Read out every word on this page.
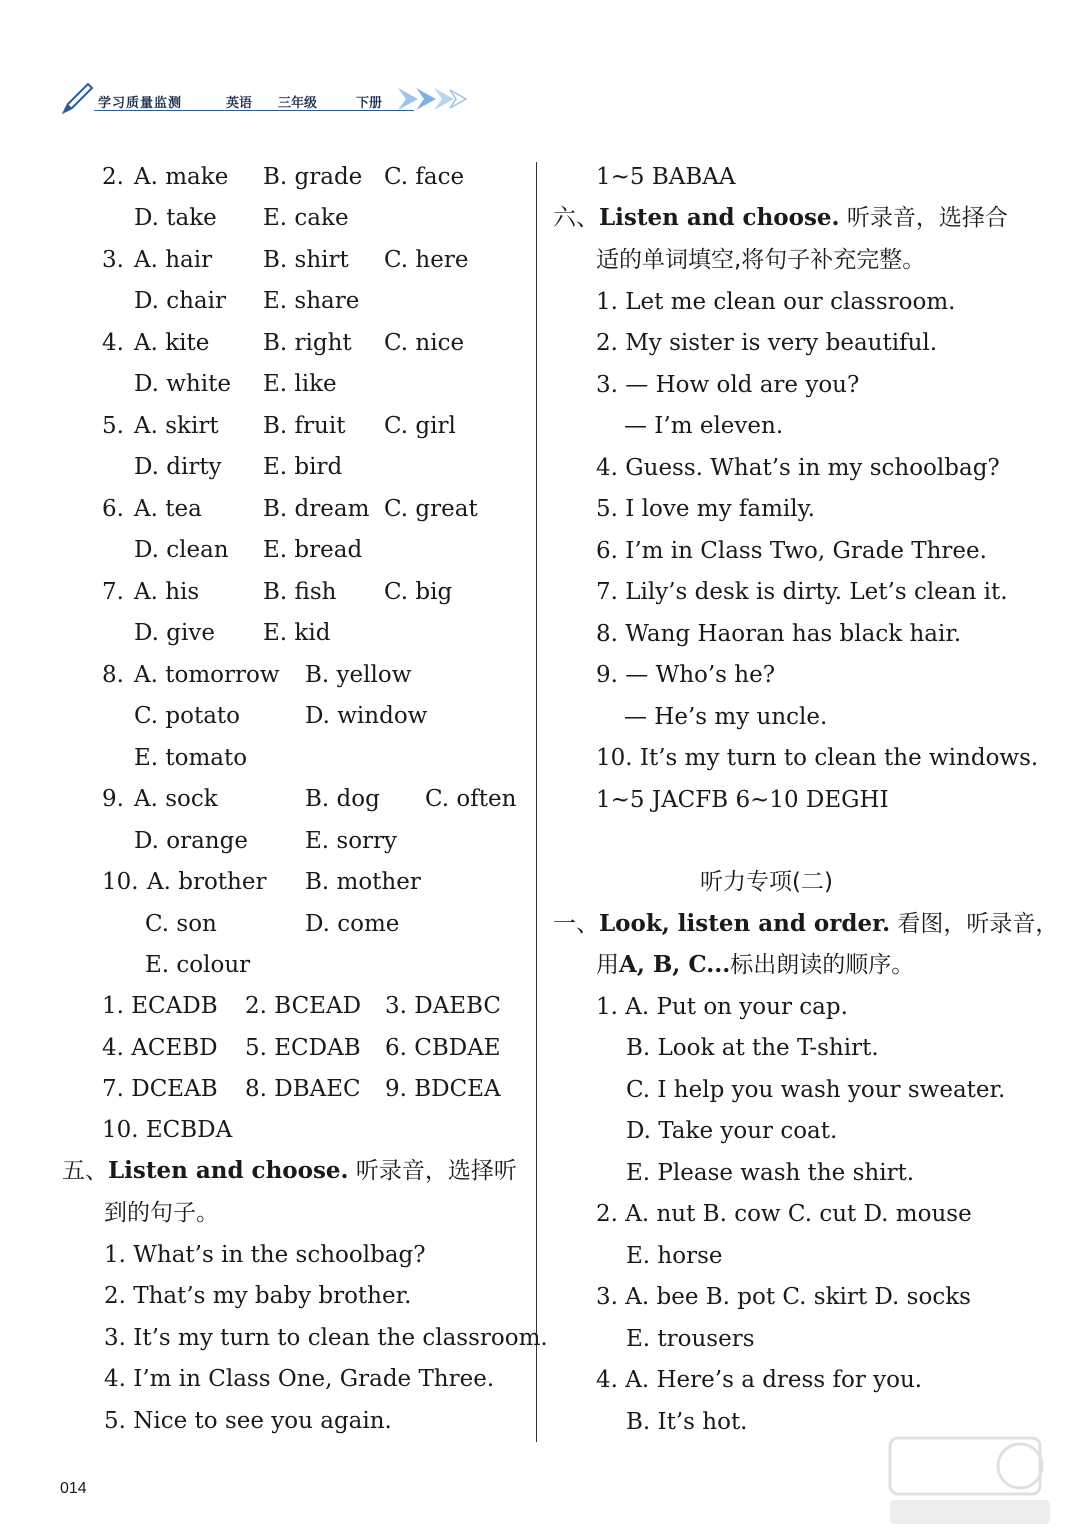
学习质量监测	英语 三年级	下册
2. A. make B. grade C. face
D. take E. cake
3. A. hair B. shirt C. here
D. chair E. share
4. A. kite B. right C. nice
D. white E. like
5. A. skirt B. fruit C. girl
D. dirty E. bird
6. A. tea	B. dream C. great
D. clean E. bread
7. A. his	B. fish C. big
D. give E. kid
8. A. tomorrow B. yellow
C. potato	D. window
E. tomato
9. A. sock	B. dog C. often
D. orange E. sorry
10. A. brother B. mother
C. son	D. come
E. colour
1. ECADB 2. BCEAD 3. DAEBC
4. ACEBD 5. ECDAB 6. CBDAE
7. DCEAB 8. DBAEC 9. BDCEA
10. ECBDA
五、Listen and choose. 听录音，选择听
到的句子。
1. What’s in the schoolbag?
2. That’s my baby brother.
3. It’s my turn to clean the classroom.
4. I’m in Class One, Grade Three.
5. Nice to see you again.
1~5 BABAA
六、Listen and choose. 听录音，选择合
适的单词填空,将句子补充完整。
1. Let me clean our classroom.
2. My sister is very beautiful.
3. — How old are you?
— I’m eleven.
4. Guess. What’s in my schoolbag?
5. I love my family.
6. I’m in Class Two, Grade Three.
7. Lily’s desk is dirty. Let’s clean it.
8. Wang Haoran has black hair.
9. — Who’s he?
— He’s my uncle.
10. It’s my turn to clean the windows.
1~5 JACFB 6~10 DEGHI
听力专项(二)
一、Look, listen and order. 看图，听录音，
用A, B, C...标出朗读的顺序。
1. A. Put on your cap.
B. Look at the T-shirt.
C. I help you wash your sweater.
D. Take your coat.
E. Please wash the shirt.
2. A. nut B. cow C. cut D. mouse
E. horse
3. A. bee B. pot C. skirt D. socks
E. trousers
4. A. Here’s a dress for you.
B. It’s hot.
014
